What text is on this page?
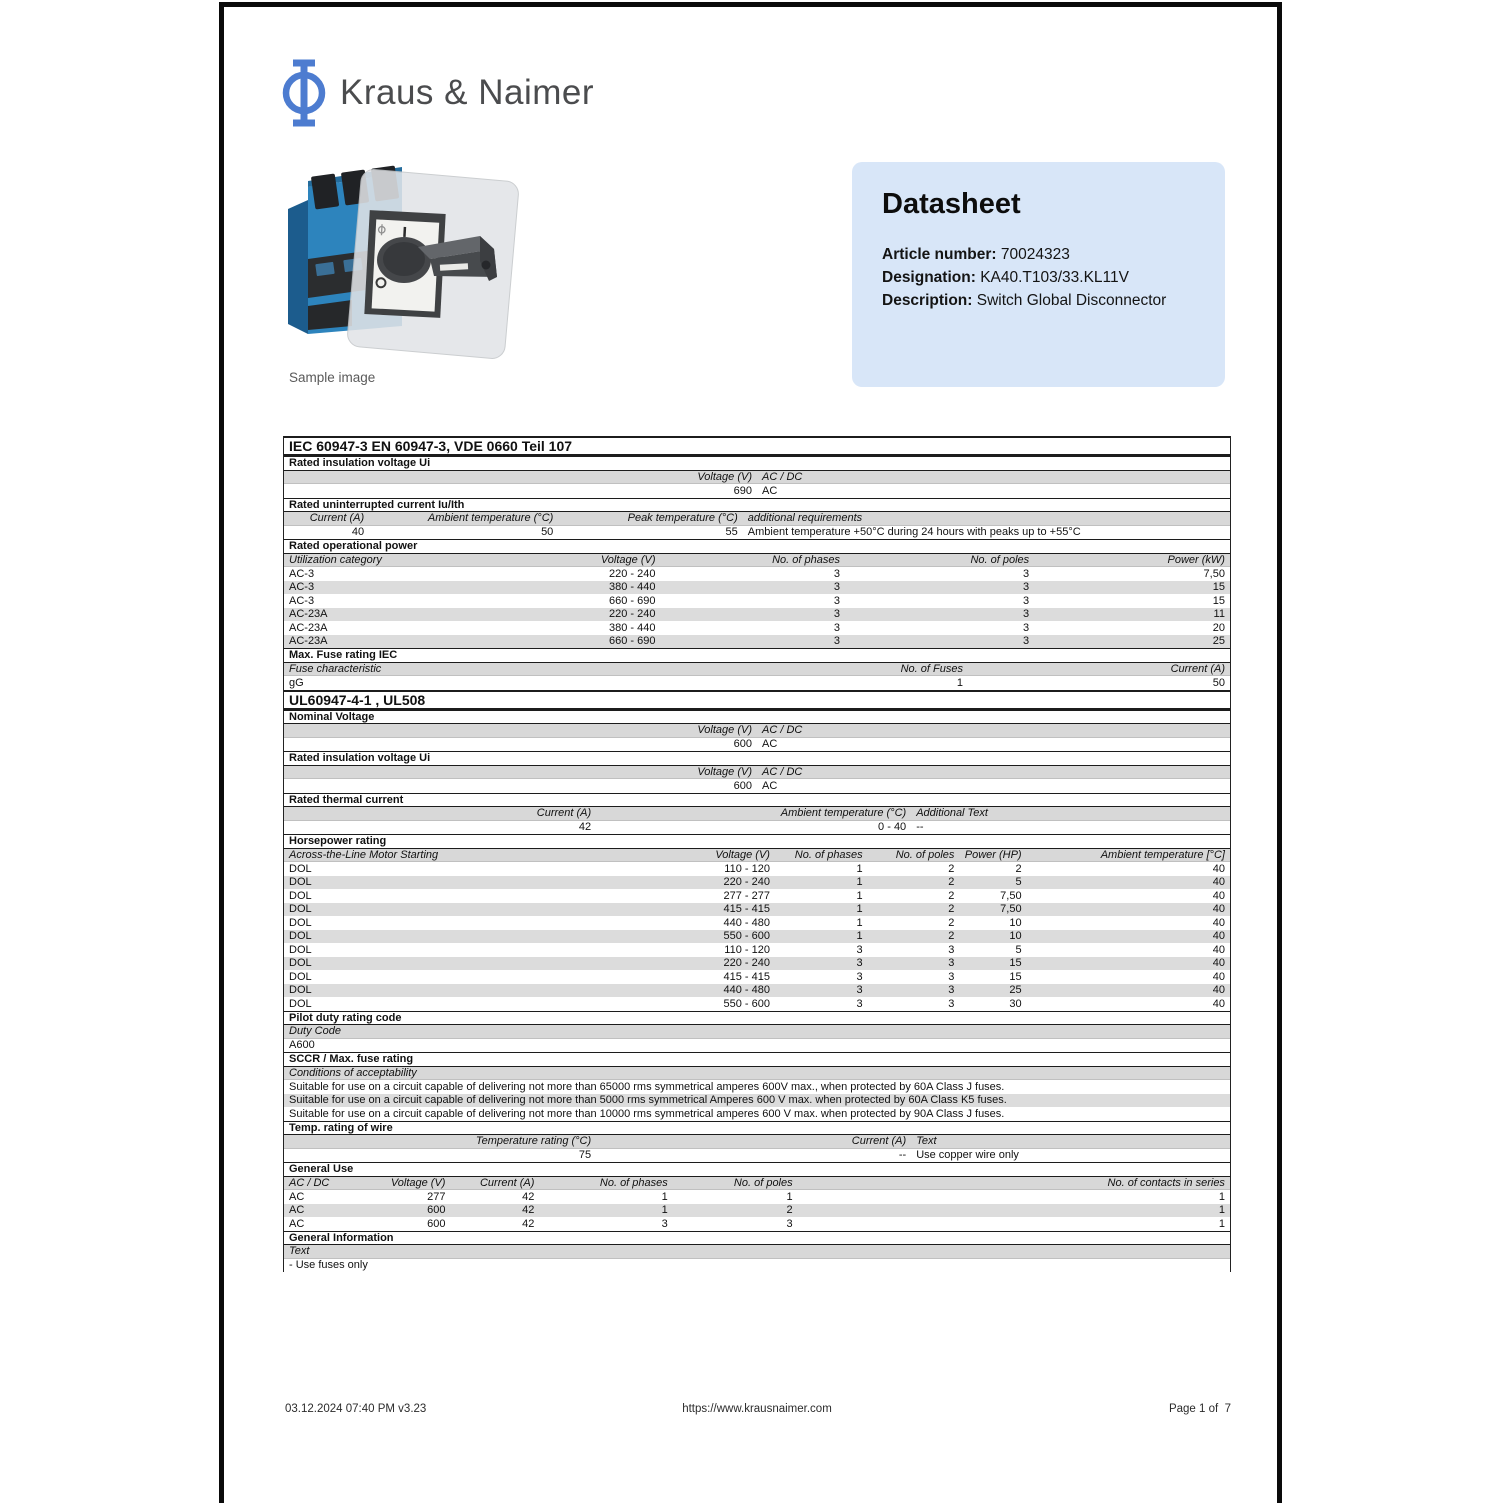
Kraus & Naimer
Sample image
Datasheet
Article number: 70024323
Designation: KA40.T103/33.KL11V
Description: Switch Global Disconnector
IEC 60947-3 EN 60947-3, VDE 0660 Teil 107
Rated insulation voltage Ui
Voltage (V) AC / DC
690 AC
Rated uninterrupted current Iu/Ith
Current (A)	Ambient temperature (°C)	Peak temperature (°C) additional requirements
40	50	55 Ambient temperature +50°C during 24 hours with peaks up to +55°C
Rated operational power
Utilization category	Voltage (V)	No. of phases	No. of poles	Power (kW)
AC-3	220 - 240	3	3	7,50
AC-3	380 - 440	3	3	15
AC-3	660 - 690	3	3	15
AC-23A	220 - 240	3	3	11
AC-23A	380 - 440	3	3	20
AC-23A	660 - 690	3	3	25
Max. Fuse rating IEC
Fuse characteristic	No. of Fuses	Current (A)
gG	1	50
UL60947-4-1 , UL508
Nominal Voltage
Voltage (V) AC / DC
600 AC
Rated insulation voltage Ui
Voltage (V) AC / DC
600 AC
Rated thermal current
Current (A)	Ambient temperature (°C) Additional Text
42	0 - 40 --
Horsepower rating
Across-the-Line Motor Starting	Voltage (V)	No. of phases	No. of poles Power (HP)	Ambient temperature [°C]
DOL	110 - 120	1	2	2	40
DOL	220 - 240	1	2	5	40
DOL	277 - 277	1	2	7,50	40
DOL	415 - 415	1	2	7,50	40
DOL	440 - 480	1	2	10	40
DOL	550 - 600	1	2	10	40
DOL	110 - 120	3	3	5	40
DOL	220 - 240	3	3	15	40
DOL	415 - 415	3	3	15	40
DOL	440 - 480	3	3	25	40
DOL	550 - 600	3	3	30	40
Pilot duty rating code
Duty Code
A600
SCCR / Max. fuse rating
Conditions of acceptability
Suitable for use on a circuit capable of delivering not more than 65000 rms symmetrical amperes 600V max., when protected by 60A Class J fuses.
Suitable for use on a circuit capable of delivering not more than 5000 rms symmetrical Amperes 600 V max. when protected by 60A Class K5 fuses.
Suitable for use on a circuit capable of delivering not more than 10000 rms symmetrical amperes 600 V max. when protected by 90A Class J fuses.
Temp. rating of wire
Temperature rating (°C)	Current (A) Text
75	-- Use copper wire only
General Use
AC / DC	Voltage (V)	Current (A)	No. of phases	No. of poles	No. of contacts in series
AC	277	42	1	1	1
AC	600	42	1	2	1
AC	600	42	3	3	1
General Information
Text
- Use fuses only
03.12.2024 07:40 PM v3.23	https://www.krausnaimer.com	Page 1 of  7
